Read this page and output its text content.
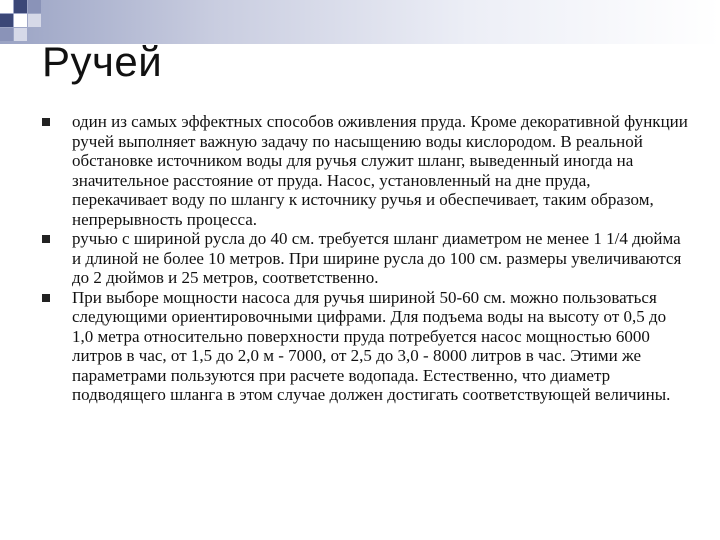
Ручей
один из самых эффектных способов оживления пруда. Кроме декоративной функции ручей выполняет важную задачу по насыщению воды кислородом. В реальной обстановке источником воды для ручья служит шланг, выведенный иногда на значительное расстояние от пруда. Насос, установленный на дне пруда, перекачивает воду по шлангу к источнику ручья и обеспечивает, таким образом, непрерывность процесса.
ручью с шириной русла до 40 см. требуется шланг диаметром не менее 1 1/4 дюйма и длиной не более 10 метров. При ширине русла до 100 см. размеры увеличиваются до 2 дюймов и 25 метров, соответственно.
При выборе мощности насоса для ручья шириной 50-60 см. можно пользоваться следующими ориентировочными цифрами. Для подъема воды на высоту от 0,5 до 1,0 метра относительно поверхности пруда потребуется насос мощностью 6000 литров в час, от 1,5 до 2,0 м - 7000, от 2,5 до 3,0 - 8000 литров в час. Этими же параметрами пользуются при расчете водопада. Естественно, что диаметр подводящего шланга в этом случае должен достигать соответствующей величины.
